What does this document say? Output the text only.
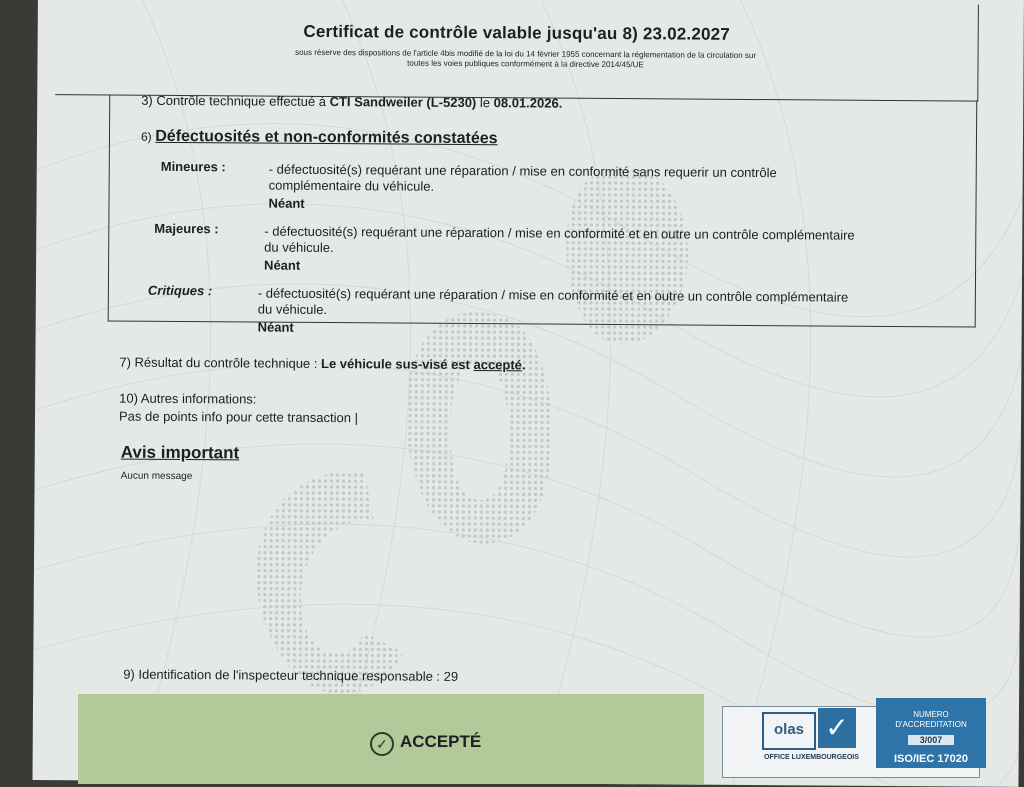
Certificat de contrôle valable jusqu'au 8) 23.02.2027
sous réserve des dispositions de l'article 4bis modifié de la loi du 14 février 1955 concernant la réglementation de la circulation sur
toutes les voies publiques conformément à la directive 2014/45/UE
3) Contrôle technique effectué à CTI Sandweiler (L-5230) le 08.01.2026.
6) Défectuosités et non-conformités constatées
Mineures :	- défectuosité(s) requérant une réparation / mise en conformité sans requerir un contrôle
complémentaire du véhicule.
Néant
Majeures :	- défectuosité(s) requérant une réparation / mise en conformité et en outre un contrôle complémentaire
du véhicule.
Néant
Critiques :	- défectuosité(s) requérant une réparation / mise en conformité et en outre un contrôle complémentaire
du véhicule.
Néant
7) Résultat du contrôle technique : Le véhicule sus-visé est accepté.
10) Autres informations:
Pas de points info pour cette transaction |
Avis important
Aucun message
9) Identification de l'inspecteur technique responsable : 29
✓ ACCEPTÉ
olas ✓
OFFICE LUXEMBOURGEOIS
NUMERO
D'ACCREDITATION
3/007
ISO/IEC 17020
